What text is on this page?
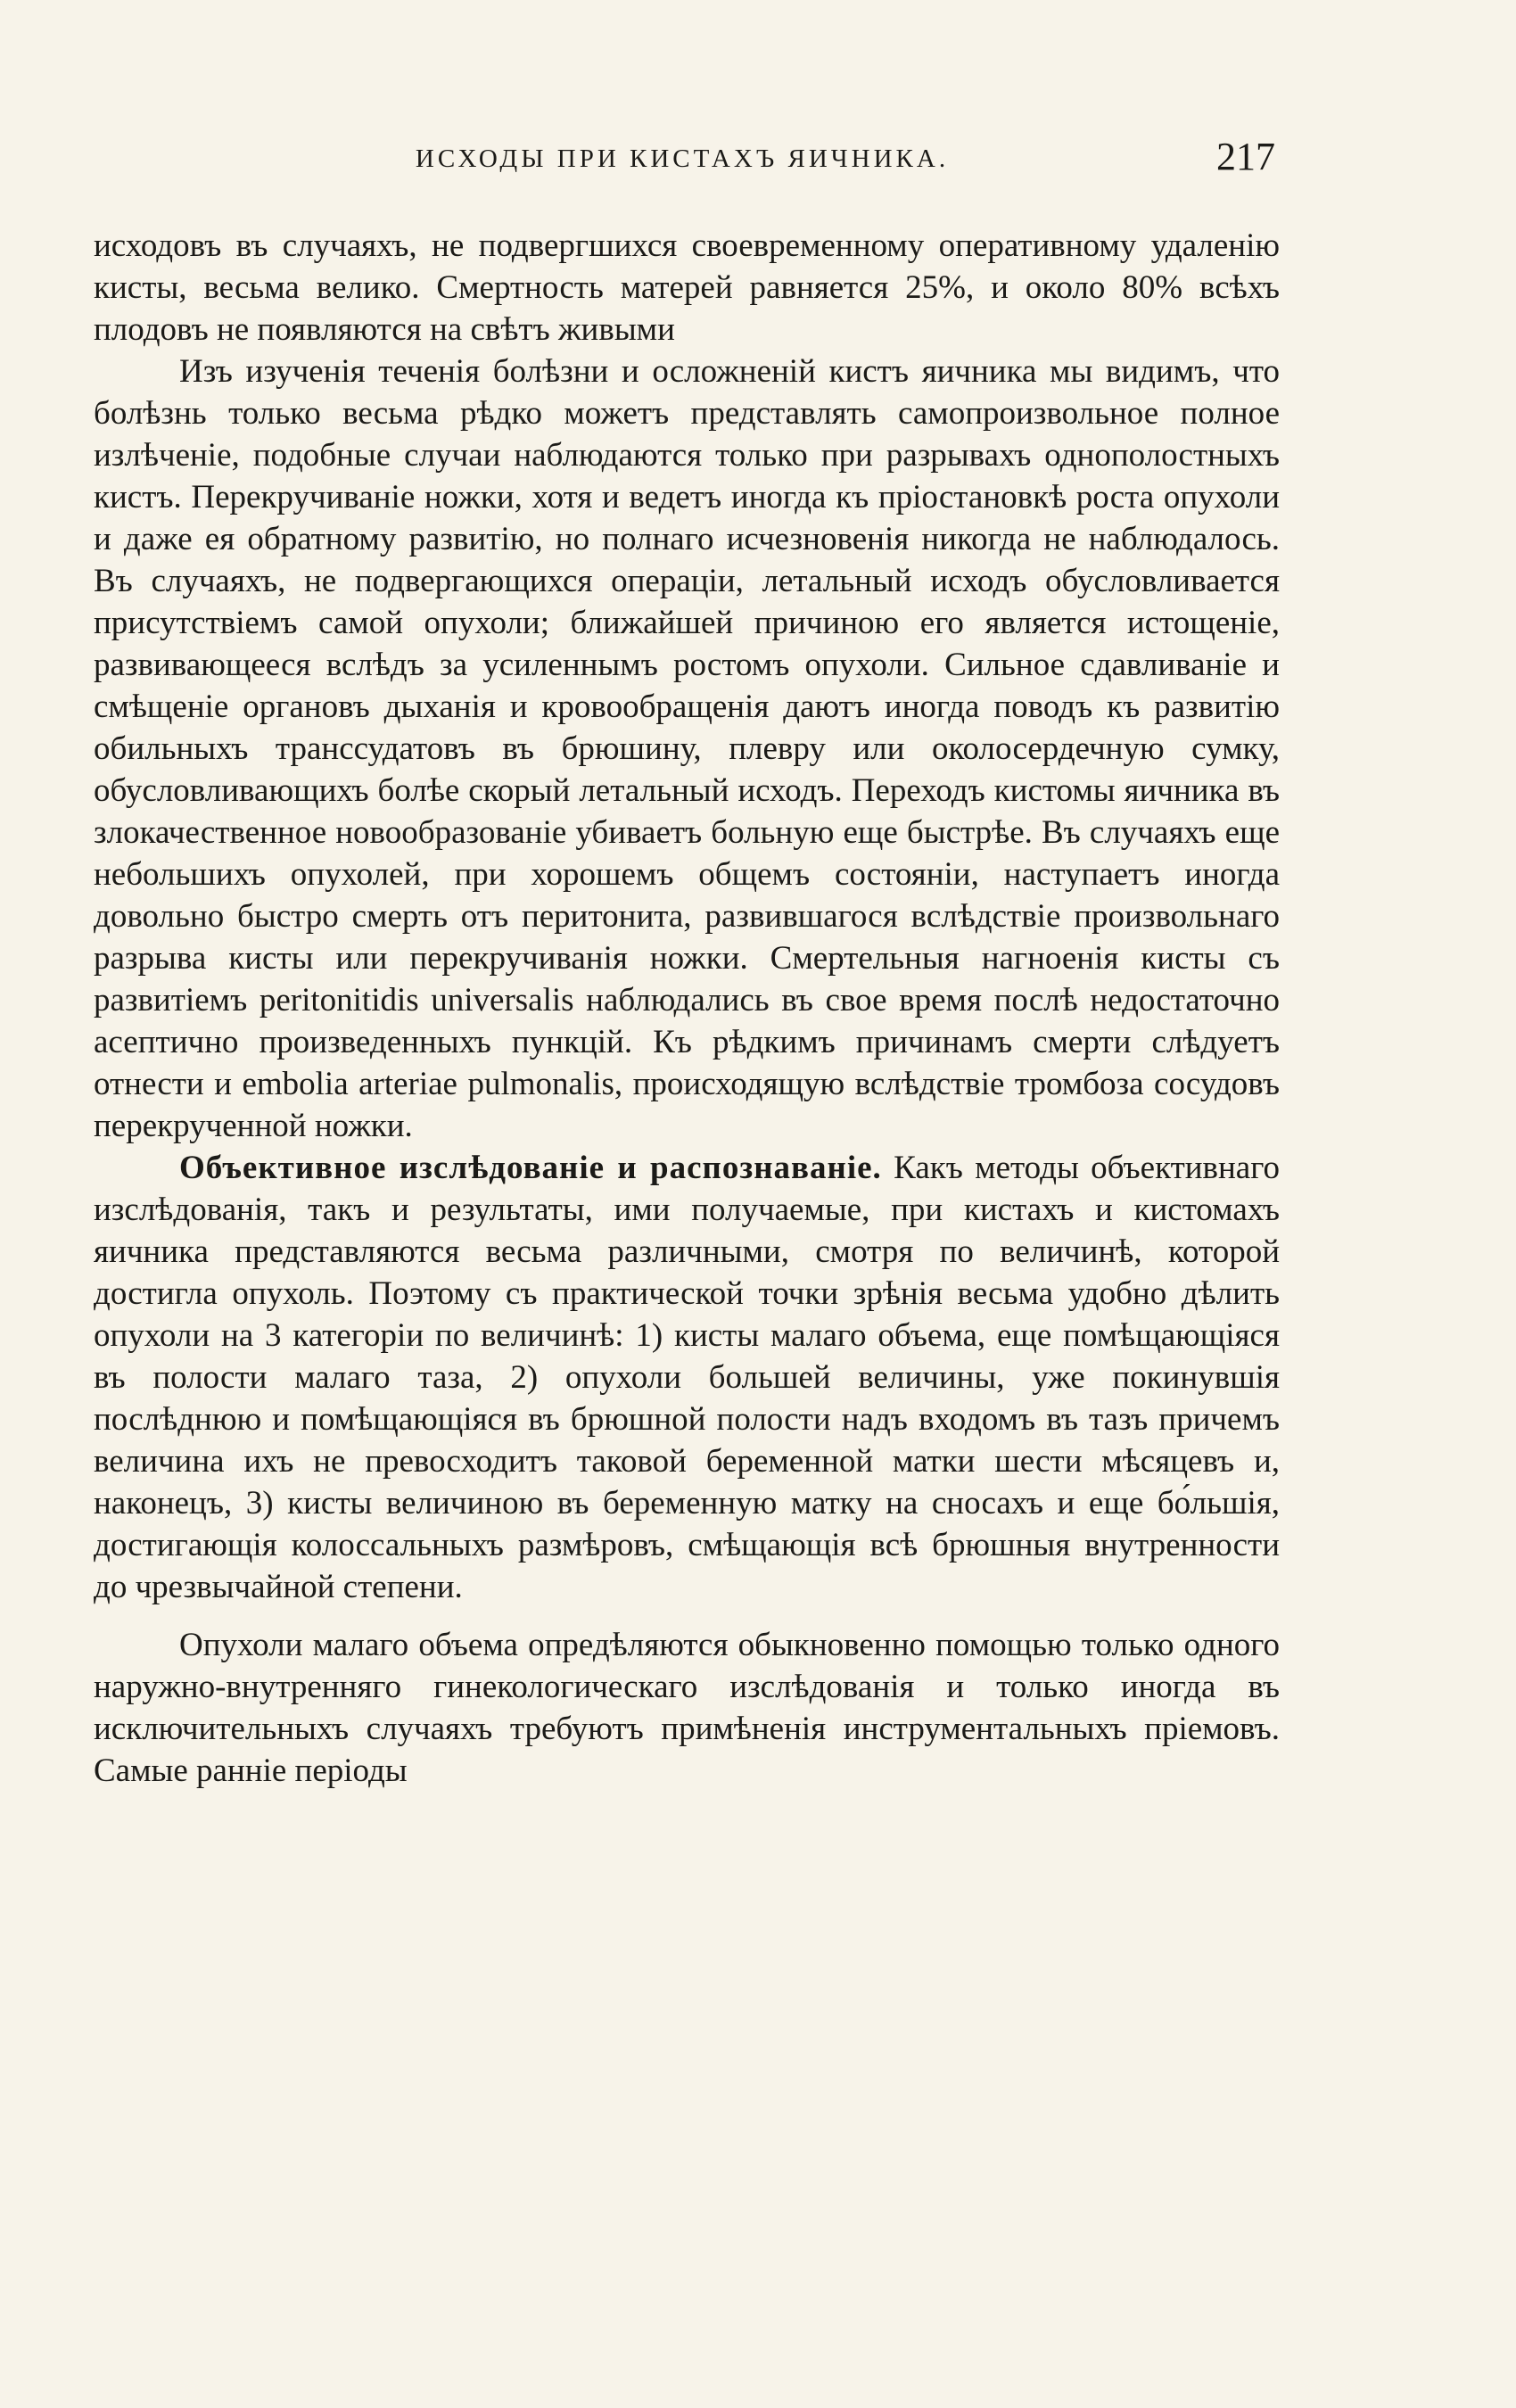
ИСХОДЫ ПРИ КИСТАХЪ ЯИЧНИКА.	217

исходовъ въ случаяхъ, не подвергшихся своевременному оперативному удаленію кисты, весьма велико. Смертность матерей равняется 25%, и около 80% всѣхъ плодовъ не появляются на свѣтъ живыми

Изъ изученія теченія болѣзни и осложненій кистъ яичника мы видимъ, что болѣзнь только весьма рѣдко можетъ представлять самопроизвольное полное излѣченіе, подобные случаи наблюдаются только при разрывахъ однополостныхъ кистъ. Перекручиваніе ножки, хотя и ведетъ иногда къ пріостановкѣ роста опухоли и даже ея обратному развитію, но полнаго исчезновенія никогда не наблюдалось. Въ случаяхъ, не подвергающихся операціи, летальный исходъ обусловливается присутствіемъ самой опухоли; ближайшей причиною его является истощеніе, развивающееся вслѣдъ за усиленнымъ ростомъ опухоли. Сильное сдавливаніе и смѣщеніе органовъ дыханія и кровообращенія даютъ иногда поводъ къ развитію обильныхъ транссудатовъ въ брюшину, плевру или околосердечную сумку, обусловливающихъ болѣе скорый летальный исходъ. Переходъ кистомы яичника въ злокачественное новообразованіе убиваетъ больную еще быстрѣе. Въ случаяхъ еще небольшихъ опухолей, при хорошемъ общемъ состояніи, наступаетъ иногда довольно быстро смерть отъ перитонита, развившагося вслѣдствіе произвольнаго разрыва кисты или перекручиванія ножки. Смертельныя нагноенія кисты съ развитіемъ peritonitidis universalis наблюдались въ свое время послѣ недостаточно асептично произведенныхъ пункцій. Къ рѣдкимъ причинамъ смерти слѣдуетъ отнести и embolia arteriae pulmonalis, происходящую вслѣдствіе тромбоза сосудовъ перекрученной ножки.

Объективное изслѣдованіе и распознаваніе. Какъ методы объективнаго изслѣдованія, такъ и результаты, ими получаемые, при кистахъ и кистомахъ яичника представляются весьма различными, смотря по величинѣ, которой достигла опухоль. Поэтому съ практической точки зрѣнія весьма удобно дѣлить опухоли на 3 категоріи по величинѣ: 1) кисты малаго объема, еще помѣщающіяся въ полости малаго таза, 2) опухоли большей величины, уже покинувшія послѣднюю и помѣщающіяся въ брюшной полости надъ входомъ въ тазъ причемъ величина ихъ не превосходитъ таковой беременной матки шести мѣсяцевъ и, наконецъ, 3) кисты величиною въ беременную матку на сносахъ и еще бо́льшія, достигающія колоссальныхъ размѣровъ, смѣщающія всѣ брюшныя внутренности до чрезвычайной степени.

Опухоли малаго объема опредѣляются обыкновенно помощью только одного наружно-внутренняго гинекологическаго изслѣдованія и только иногда въ исключительныхъ случаяхъ требуютъ примѣненія инструментальныхъ пріемовъ. Самые ранніе періоды
